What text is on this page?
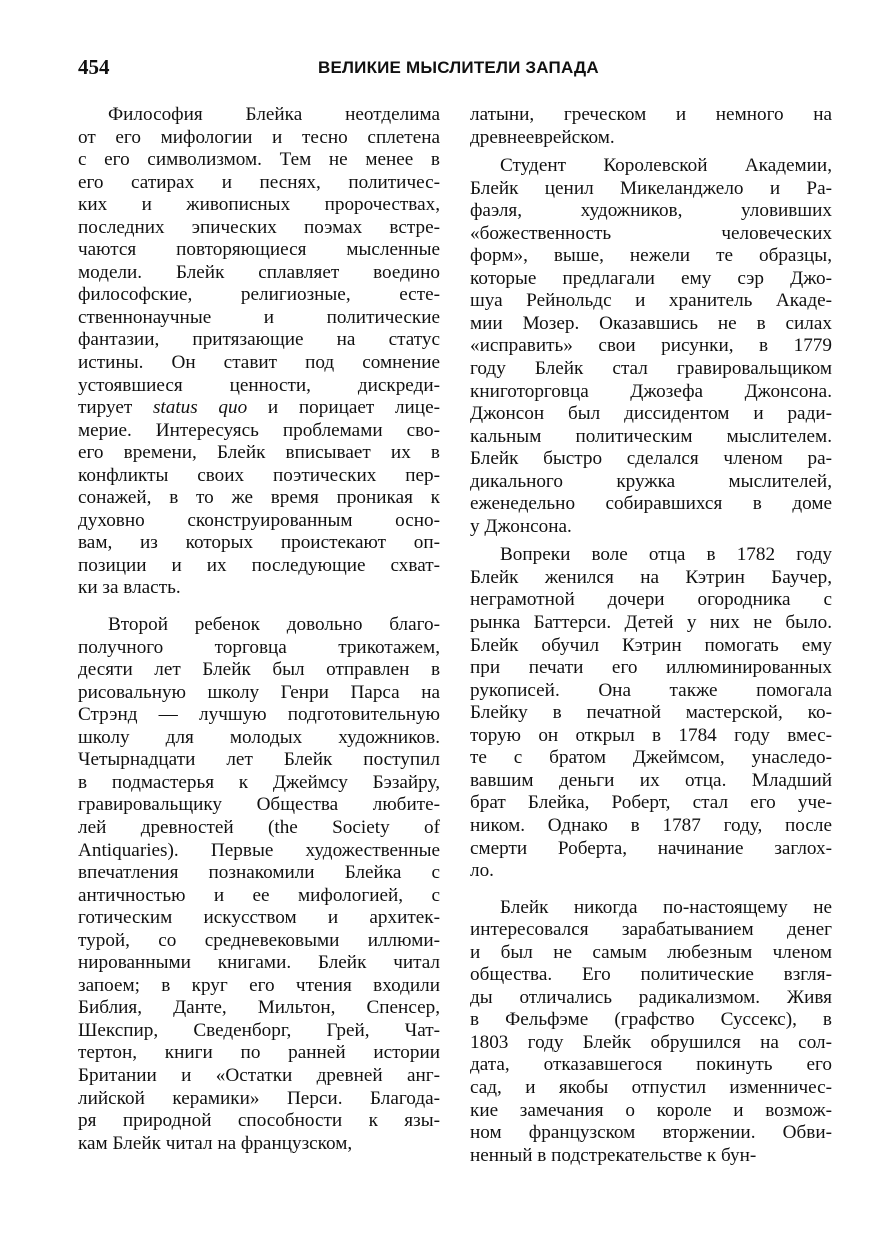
454	ВЕЛИКИЕ МЫСЛИТЕЛИ ЗАПАДА

Философия Блейка неотделима
от его мифологии и тесно сплетена
с его символизмом. Тем не менее в
его сатирах и песнях, политичес-
ких и живописных пророчествах,
последних эпических поэмах встре-
чаются повторяющиеся мысленные
модели. Блейк сплавляет воедино
философские, религиозные, есте-
ственнонаучные и политические
фантазии, притязающие на статус
истины. Он ставит под сомнение
устоявшиеся ценности, дискреди-
тирует status quo и порицает лице-
мерие. Интересуясь проблемами сво-
его времени, Блейк вписывает их в
конфликты своих поэтических пер-
сонажей, в то же время проникая к
духовно сконструированным осно-
вам, из которых проистекают оп-
позиции и их последующие схват-
ки за власть.

Второй ребенок довольно благо-
получного торговца трикотажем,
десяти лет Блейк был отправлен в
рисовальную школу Генри Парса на
Стрэнд — лучшую подготовительную
школу для молодых художников.
Четырнадцати лет Блейк поступил
в подмастерья к Джеймсу Бэзайру,
гравировальщику Общества любите-
лей древностей (the Society of
Antiquaries). Первые художественные
впечатления познакомили Блейка с
античностью и ее мифологией, с
готическим искусством и архитек-
турой, со средневековыми иллюми-
нированными книгами. Блейк читал
запоем; в круг его чтения входили
Библия, Данте, Мильтон, Спенсер,
Шекспир, Сведенборг, Грей, Чат-
тертон, книги по ранней истории
Британии и «Остатки древней анг-
лийской керамики» Перси. Благода-
ря природной способности к язы-
кам Блейк читал на французском,

латыни, греческом и немного на
древнееврейском.

Студент Королевской Академии,
Блейк ценил Микеланджело и Ра-
фаэля, художников, уловивших
«божественность человеческих
форм», выше, нежели те образцы,
которые предлагали ему сэр Джо-
шуа Рейнольдс и хранитель Акаде-
мии Мозер. Оказавшись не в силах
«исправить» свои рисунки, в 1779
году Блейк стал гравировальщиком
книготорговца Джозефа Джонсона.
Джонсон был диссидентом и ради-
кальным политическим мыслителем.
Блейк быстро сделался членом ра-
дикального кружка мыслителей,
еженедельно собиравшихся в доме
у Джонсона.

Вопреки воле отца в 1782 году
Блейк женился на Кэтрин Баучер,
неграмотной дочери огородника с
рынка Баттерси. Детей у них не было.
Блейк обучил Кэтрин помогать ему
при печати его иллюминированных
рукописей. Она также помогала
Блейку в печатной мастерской, ко-
торую он открыл в 1784 году вмес-
те с братом Джеймсом, унаследо-
вавшим деньги их отца. Младший
брат Блейка, Роберт, стал его уче-
ником. Однако в 1787 году, после
смерти Роберта, начинание заглох-
ло.

Блейк никогда по-настоящему не
интересовался зарабатыванием денег
и был не самым любезным членом
общества. Его политические взгля-
ды отличались радикализмом. Живя
в Фельфэме (графство Суссекс), в
1803 году Блейк обрушился на сол-
дата, отказавшегося покинуть его
сад, и якобы отпустил изменничес-
кие замечания о короле и возмож-
ном французском вторжении. Обви-
ненный в подстрекательстве к бун-
